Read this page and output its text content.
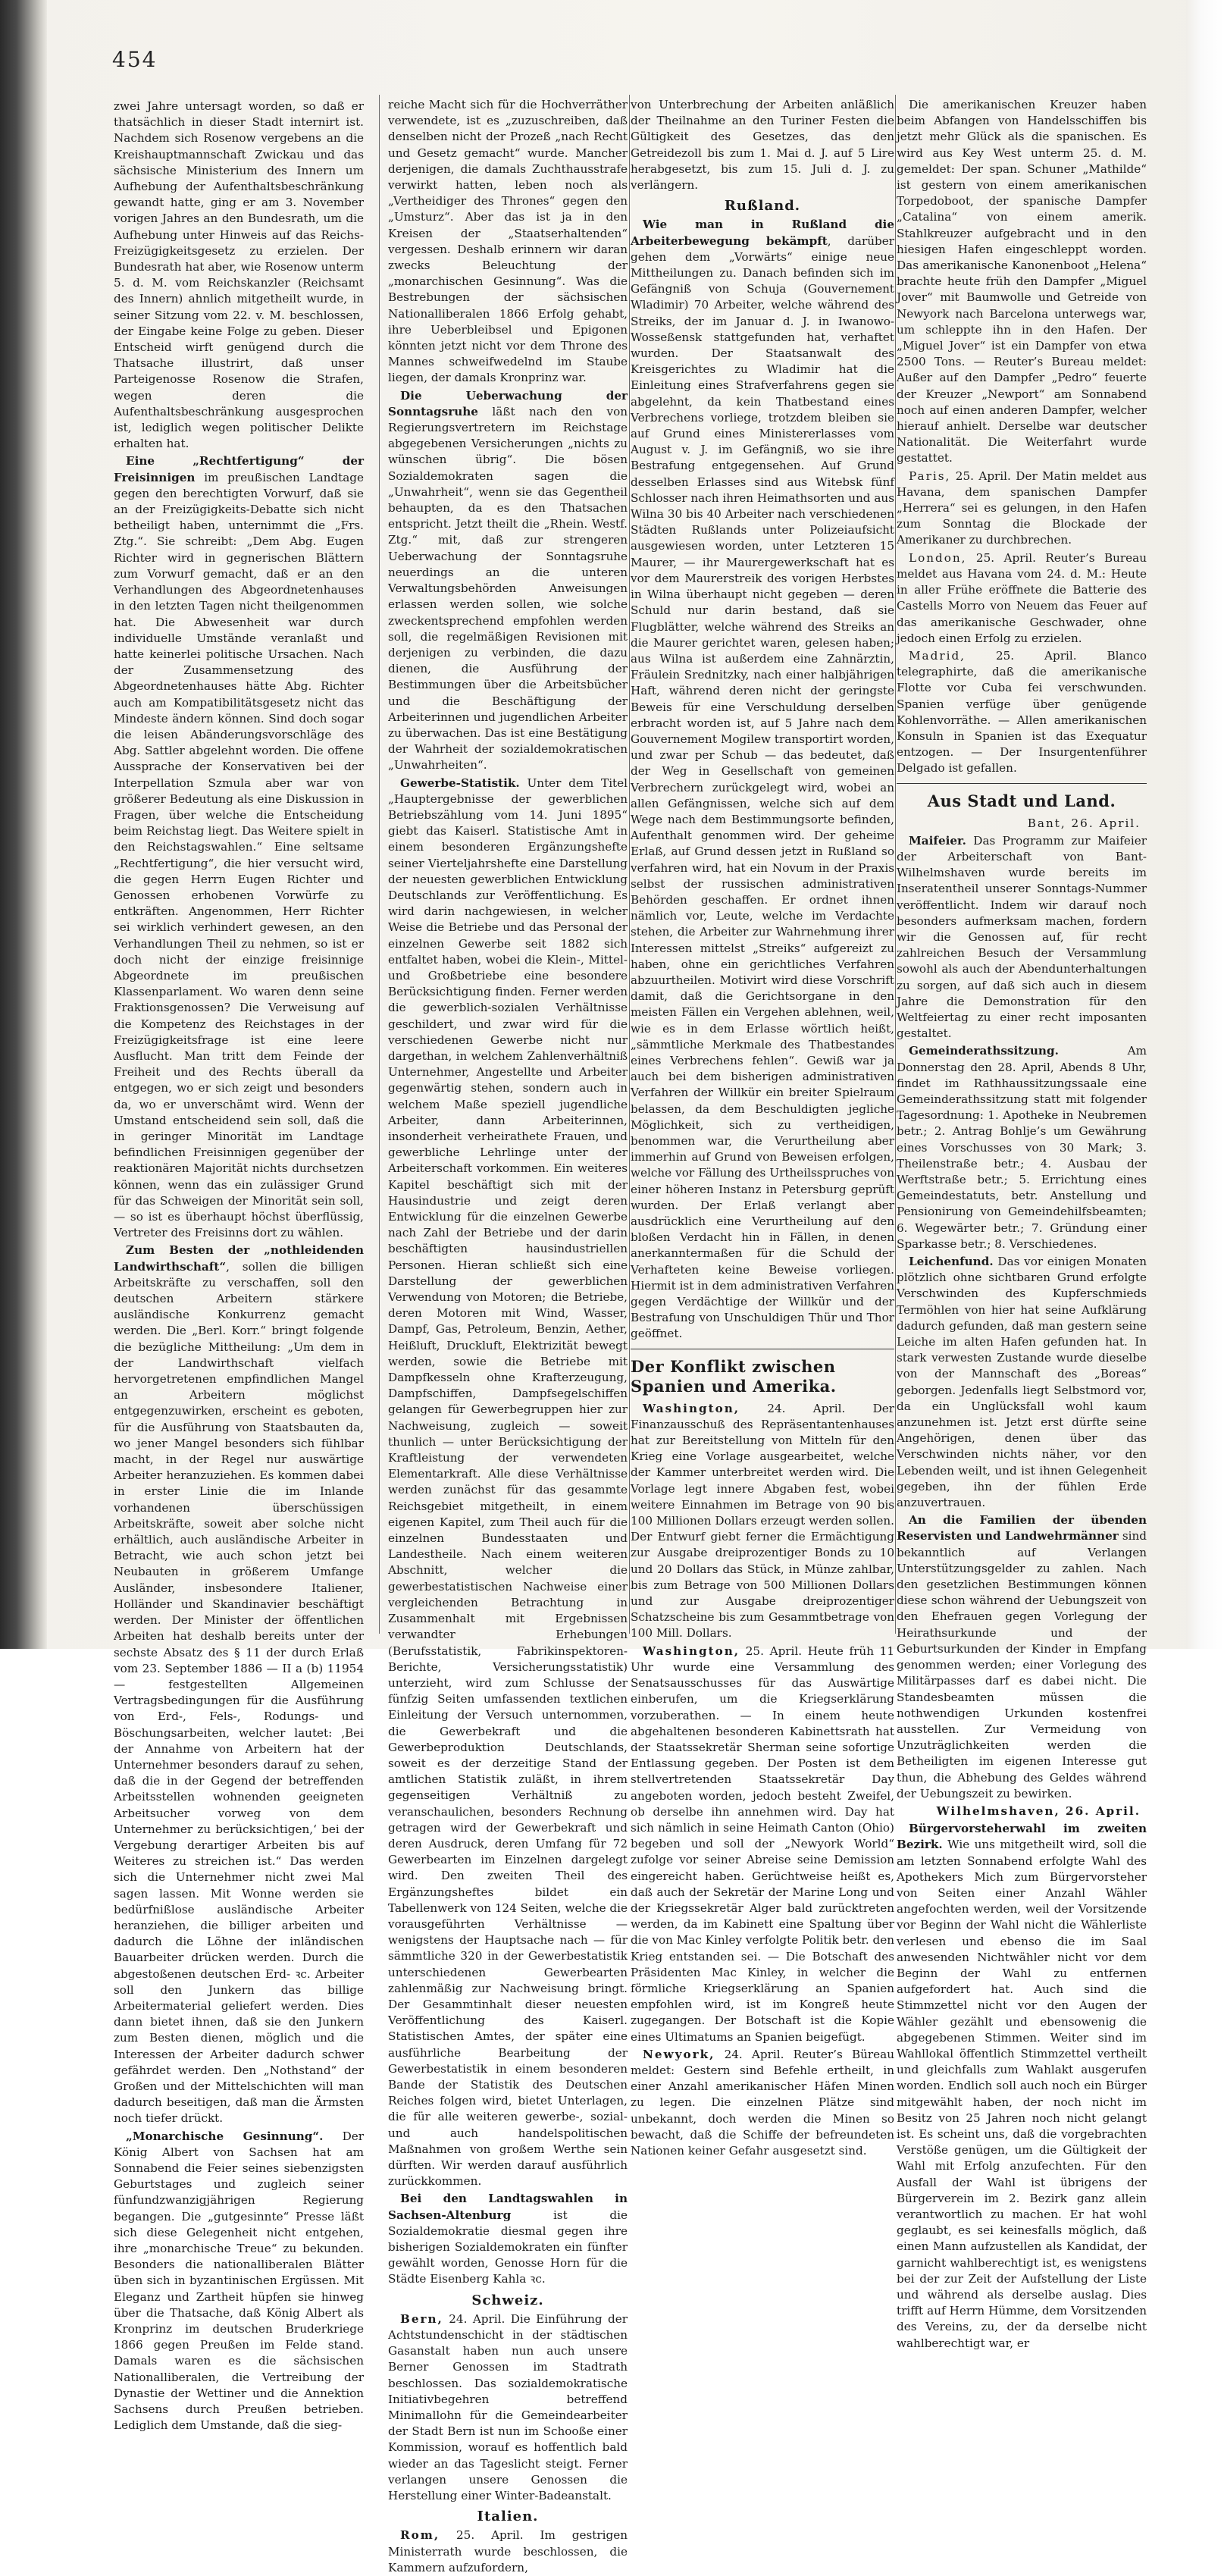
454

zwei Jahre untersagt worden, so daß er thatsächlich in dieser Stadt internirt ist. Nachdem sich Rosenow vergebens an die Kreishauptmannschaft Zwickau und das sächsische Ministerium des Innern um Aufhebung der Aufenthaltsbeschränkung gewandt hatte, ging er am 3. November vorigen Jahres an den Bundesrath, um die Aufhebung unter Hinweis auf das Reichs-Freizügigkeitsgesetz zu erzielen. Der Bundesrath hat aber, wie Rosenow unterm 5. d. M. vom Reichskanzler (Reichsamt des Innern) ahnlich mitgetheilt wurde, in seiner Sitzung vom 22. v. M. beschlossen, der Eingabe keine Folge zu geben. Dieser Entscheid wirft genügend durch die Thatsache illustrirt, daß unser Parteigenosse Rosenow die Strafen, wegen deren die Aufenthaltsbeschränkung ausgesprochen ist, lediglich wegen politischer Delikte erhalten hat.

Eine „Rechtfertigung“ der Freisinnigen im preußischen Landtage gegen den berechtigten Vorwurf, daß sie an der Freizügigkeits-Debatte sich nicht betheiligt haben, unternimmt die „Frs. Ztg.“. Sie schreibt: „Dem Abg. Eugen Richter wird in gegnerischen Blättern zum Vorwurf gemacht, daß er an den Verhandlungen des Abgeordnetenhauses in den letzten Tagen nicht theilgenommen hat. Die Abwesenheit war durch individuelle Umstände veranlaßt und hatte keinerlei politische Ursachen. Nach der Zusammensetzung des Abgeordnetenhauses hätte Abg. Richter auch am Kompatibilitätsgesetz nicht das Mindeste ändern können. Sind doch sogar die leisen Abänderungsvorschläge des Abg. Sattler abgelehnt worden. Die offene Aussprache der Konservativen bei der Interpellation Szmula aber war von größerer Bedeutung als eine Diskussion in Fragen, über welche die Entscheidung beim Reichstag liegt. Das Weitere spielt in den Reichstagswahlen.“ Eine seltsame „Rechtfertigung“, die hier versucht wird, die gegen Herrn Eugen Richter und Genossen erhobenen Vorwürfe zu entkräften. Angenommen, Herr Richter sei wirklich verhindert gewesen, an den Verhandlungen Theil zu nehmen, so ist er doch nicht der einzige freisinnige Abgeordnete im preußischen Klassenparlament. Wo waren denn seine Fraktionsgenossen? Die Verweisung auf die Kompetenz des Reichstages in der Freizügigkeitsfrage ist eine leere Ausflucht. Man tritt dem Feinde der Freiheit und des Rechts überall da entgegen, wo er sich zeigt und besonders da, wo er unverschämt wird. Wenn der Umstand entscheidend sein soll, daß die in geringer Minorität im Landtage befindlichen Freisinnigen gegenüber der reaktionären Majorität nichts durchsetzen können, wenn das ein zulässiger Grund für das Schweigen der Minorität sein soll, — so ist es überhaupt höchst überflüssig, Vertreter des Freisinns dort zu wählen.

Zum Besten der „nothleidenden Landwirthschaft“, sollen die billigen Arbeitskräfte zu verschaffen, soll den deutschen Arbeitern stärkere ausländische Konkurrenz gemacht werden. Die „Berl. Korr.“ bringt folgende die bezügliche Mittheilung: „Um dem in der Landwirthschaft vielfach hervorgetretenen empfindlichen Mangel an Arbeitern möglichst entgegenzuwirken, erscheint es geboten, für die Ausführung von Staatsbauten da, wo jener Mangel besonders sich fühlbar macht, in der Regel nur auswärtige Arbeiter heranzuziehen. Es kommen dabei in erster Linie die im Inlande vorhandenen überschüssigen Arbeitskräfte, soweit aber solche nicht erhältlich, auch ausländische Arbeiter in Betracht, wie auch schon jetzt bei Neubauten in größerem Umfange Ausländer, insbesondere Italiener, Holländer und Skandinavier beschäftigt werden. Der Minister der öffentlichen Arbeiten hat deshalb bereits unter der sechste Absatz des § 11 der durch Erlaß vom 23. September 1886 — II a (b) 11954 — festgestellten Allgemeinen Vertragsbedingungen für die Ausführung von Erd-, Fels-, Rodungs- und Böschungsarbeiten, welcher lautet: ‚Bei der Annahme von Arbeitern hat der Unternehmer besonders darauf zu sehen, daß die in der Gegend der betreffenden Arbeitsstellen wohnenden geeigneten Arbeitsucher vorweg von dem Unternehmer zu berücksichtigen,‘ bei der Vergebung derartiger Arbeiten bis auf Weiteres zu streichen ist.“ Das werden sich die Unternehmer nicht zwei Mal sagen lassen. Mit Wonne werden sie bedürfnißlose ausländische Arbeiter heranziehen, die billiger arbeiten und dadurch die Löhne der inländischen Bauarbeiter drücken werden. Durch die abgestoßenen deutschen Erd- ꝛc. Arbeiter soll den Junkern das billige Arbeitermaterial geliefert werden. Dies dann bietet ihnen, daß sie den Junkern zum Besten dienen, möglich und die Interessen der Arbeiter dadurch schwer gefährdet werden. Den „Nothstand“ der Großen und der Mittelschichten will man dadurch beseitigen, daß man die Ärmsten noch tiefer drückt.

„Monarchische Gesinnung“. Der König Albert von Sachsen hat am Sonnabend die Feier seines siebenzigsten Geburtstages und zugleich seiner fünfundzwanzigjährigen Regierung begangen. Die „gutgesinnte“ Presse läßt sich diese Gelegenheit nicht entgehen, ihre „monarchische Treue“ zu bekunden. Besonders die nationalliberalen Blätter üben sich in byzantinischen Ergüssen. Mit Eleganz und Zartheit hüpfen sie hinweg über die Thatsache, daß König Albert als Kronprinz im deutschen Bruderkriege 1866 gegen Preußen im Felde stand. Damals waren es die sächsischen Nationalliberalen, die Vertreibung der Dynastie der Wettiner und die Annektion Sachsens durch Preußen betrieben. Lediglich dem Umstande, daß die sieg-

reiche Macht sich für die Hochverräther verwendete, ist es „zuzuschreiben, daß denselben nicht der Prozeß „nach Recht und Gesetz gemacht“ wurde. Mancher derjenigen, die damals Zuchthausstrafe verwirkt hatten, leben noch als „Vertheidiger des Thrones“ gegen den „Umsturz“. Aber das ist ja in den Kreisen der „Staatserhaltenden“ vergessen. Deshalb erinnern wir daran zwecks Beleuchtung der „monarchischen Gesinnung“. Was die Bestrebungen der sächsischen Nationalliberalen 1866 Erfolg gehabt, ihre Ueberbleibsel und Epigonen könnten jetzt nicht vor dem Throne des Mannes schweifwedelnd im Staube liegen, der damals Kronprinz war.

Die Ueberwachung der Sonntagsruhe läßt nach den von Regierungsvertretern im Reichstage abgegebenen Versicherungen „nichts zu wünschen übrig“. Die bösen Sozialdemokraten sagen die „Unwahrheit“, wenn sie das Gegentheil behaupten, da es den Thatsachen entspricht. Jetzt theilt die „Rhein. Westf. Ztg.“ mit, daß zur strengeren Ueberwachung der Sonntagsruhe neuerdings an die unteren Verwaltungsbehörden Anweisungen erlassen werden sollen, wie solche zweckentsprechend empfohlen werden soll, die regelmäßigen Revisionen mit derjenigen zu verbinden, die dazu dienen, die Ausführung der Bestimmungen über die Arbeitsbücher und die Beschäftigung der Arbeiterinnen und jugendlichen Arbeiter zu überwachen. Das ist eine Bestätigung der Wahrheit der sozialdemokratischen „Unwahrheiten“.

Gewerbe-Statistik. Unter dem Titel „Hauptergebnisse der gewerblichen Betriebszählung vom 14. Juni 1895“ giebt das Kaiserl. Statistische Amt in einem besonderen Ergänzungshefte seiner Vierteljahrshefte eine Darstellung der neuesten gewerblichen Entwicklung Deutschlands zur Veröffentlichung. Es wird darin nachgewiesen, in welcher Weise die Betriebe und das Personal der einzelnen Gewerbe seit 1882 sich entfaltet haben, wobei die Klein-, Mittel- und Großbetriebe eine besondere Berücksichtigung finden. Ferner werden die gewerblich-sozialen Verhältnisse geschildert, und zwar wird für die verschiedenen Gewerbe nicht nur dargethan, in welchem Zahlenverhältniß Unternehmer, Angestellte und Arbeiter gegenwärtig stehen, sondern auch in welchem Maße speziell jugendliche Arbeiter, dann Arbeiterinnen, insonderheit verheirathete Frauen, und gewerbliche Lehrlinge unter der Arbeiterschaft vorkommen. Ein weiteres Kapitel beschäftigt sich mit der Hausindustrie und zeigt deren Entwicklung für die einzelnen Gewerbe nach Zahl der Betriebe und der darin beschäftigten hausindustriellen Personen. Hieran schließt sich eine Darstellung der gewerblichen Verwendung von Motoren; die Betriebe, deren Motoren mit Wind, Wasser, Dampf, Gas, Petroleum, Benzin, Aether, Heißluft, Druckluft, Elektrizität bewegt werden, sowie die Betriebe mit Dampfkesseln ohne Krafterzeugung, Dampfschiffen, Dampfsegelschiffen gelangen für Gewerbegruppen hier zur Nachweisung, zugleich — soweit thunlich — unter Berücksichtigung der Kraftleistung der verwendeten Elementarkraft. Alle diese Verhältnisse werden zunächst für das gesammte Reichsgebiet mitgetheilt, in einem eigenen Kapitel, zum Theil auch für die einzelnen Bundesstaaten und Landestheile. Nach einem weiteren Abschnitt, welcher die gewerbestatistischen Nachweise einer vergleichenden Betrachtung in Zusammenhalt mit Ergebnissen verwandter Erhebungen (Berufsstatistik, Fabrikinspektoren-Berichte, Versicherungsstatistik) unterzieht, wird zum Schlusse der fünfzig Seiten umfassenden textlichen Einleitung der Versuch unternommen, die Gewerbekraft und die Gewerbeproduktion Deutschlands, soweit es der derzeitige Stand der amtlichen Statistik zuläßt, in ihrem gegenseitigen Verhältniß zu veranschaulichen, besonders Rechnung getragen wird der Gewerbekraft und deren Ausdruck, deren Umfang für 72 Gewerbearten im Einzelnen dargelegt wird. Den zweiten Theil des Ergänzungsheftes bildet ein Tabellenwerk von 124 Seiten, welche die vorausgeführten Verhältnisse — wenigstens der Hauptsache nach — für sämmtliche 320 in der Gewerbestatistik unterschiedenen Gewerbearten zahlenmäßig zur Nachweisung bringt. Der Gesammtinhalt dieser neuesten Veröffentlichung des Kaiserl. Statistischen Amtes, der später eine ausführliche Bearbeitung der Gewerbestatistik in einem besonderen Bande der Statistik des Deutschen Reiches folgen wird, bietet Unterlagen, die für alle weiteren gewerbe-, sozial- und auch handelspolitischen Maßnahmen von großem Werthe sein dürften. Wir werden darauf ausführlich zurückkommen.

Bei den Landtagswahlen in Sachsen-Altenburg	ist die Sozialdemokratie diesmal gegen ihre bisherigen Sozialdemokraten ein fünfter gewählt worden, Genosse Horn für die Städte Eisenberg Kahla ꝛc.

Schweiz.

Bern, 24. April. Die Einführung der Achtstundenschicht in der städtischen Gasanstalt haben nun auch unsere Berner Genossen im Stadtrath beschlossen. Das sozialdemokratische Initiativbegehren betreffend Minimallohn für die Gemeindearbeiter der Stadt Bern ist nun im Schooße einer Kommission, worauf es hoffentlich bald wieder an das Tageslicht steigt. Ferner verlangen unsere Genossen die Herstellung einer Winter-Badeanstalt.

Italien.

Rom, 25. April. Im gestrigen Ministerrath wurde beschlossen, die Kammern aufzufordern,

von Unterbrechung der Arbeiten anläßlich der Theilnahme an den Turiner Festen die Gültigkeit des Gesetzes, das den Getreidezoll bis zum 1. Mai d. J. auf 5 Lire herabgesetzt, bis zum 15. Juli d. J. zu verlängern.

Rußland.

Wie man in Rußland die Arbeiterbewegung bekämpft, darüber gehen dem „Vorwärts“ einige neue Mittheilungen zu. Danach befinden sich im Gefängniß von Schuja (Gouvernement Wladimir) 70 Arbeiter, welche während des Streiks, der im Januar d. J. in Iwanowo-Wosseßensk stattgefunden hat, verhaftet wurden. Der Staatsanwalt des Kreisgerichtes zu Wladimir hat die Einleitung eines Strafverfahrens gegen sie abgelehnt, da kein Thatbestand eines Verbrechens vorliege, trotzdem bleiben sie auf Grund eines Ministererlasses vom August v. J. im Gefängniß, wo sie ihre Bestrafung entgegensehen. Auf Grund desselben Erlasses sind aus Witebsk fünf Schlosser nach ihren Heimathsorten und aus Wilna 30 bis 40 Arbeiter nach verschiedenen Städten Rußlands unter Polizeiaufsicht ausgewiesen worden, unter Letzteren 15 Maurer, — ihr Maurergewerkschaft hat es vor dem Maurerstreik des vorigen Herbstes in Wilna überhaupt nicht gegeben — deren Schuld nur darin bestand, daß sie Flugblätter, welche während des Streiks an die Maurer gerichtet waren, gelesen haben; aus Wilna ist außerdem eine Zahnärztin, Fräulein Srednitzky, nach einer halbjährigen Haft, während deren nicht der geringste Beweis für eine Verschuldung derselben erbracht worden ist, auf 5 Jahre nach dem Gouvernement Mogilew transportirt worden, und zwar per Schub — das bedeutet, daß der Weg in Gesellschaft von gemeinen Verbrechern zurückgelegt wird, wobei an allen Gefängnissen, welche sich auf dem Wege nach dem Bestimmungsorte befinden, Aufenthalt genommen wird. Der geheime Erlaß, auf Grund dessen jetzt in Rußland so verfahren wird, hat ein Novum in der Praxis selbst der russischen administrativen Behörden geschaffen. Er ordnet ihnen nämlich vor, Leute, welche im Verdachte stehen, die Arbeiter zur Wahrnehmung ihrer Interessen mittelst „Streiks“ aufgereizt zu haben, ohne ein gerichtliches Verfahren abzuurtheilen. Motivirt wird diese Vorschrift damit, daß die Gerichtsorgane in den meisten Fällen ein Vergehen ablehnen, weil, wie es in dem Erlasse wörtlich heißt, „sämmtliche Merkmale des Thatbestandes eines Verbrechens fehlen“. Gewiß war ja auch bei dem bisherigen administrativen Verfahren der Willkür ein breiter Spielraum belassen, da dem Beschuldigten jegliche Möglichkeit, sich zu vertheidigen, benommen war, die Verurtheilung aber immerhin auf Grund von Beweisen erfolgen, welche vor Fällung des Urtheilsspruches von einer höheren Instanz in Petersburg geprüft wurden. Der Erlaß verlangt aber ausdrücklich eine Verurtheilung auf den bloßen Verdacht hin in Fällen, in denen anerkanntermaßen für die Schuld der Verhafteten keine Beweise vorliegen. Hiermit ist in dem administrativen Verfahren gegen Verdächtige der Willkür und der Bestrafung von Unschuldigen Thür und Thor geöffnet.

Der Konflikt zwischen Spanien und Amerika.

Washington, 24. April. Der Finanzausschuß des Repräsentantenhauses hat zur Bereitstellung von Mitteln für den Krieg eine Vorlage ausgearbeitet, welche der Kammer unterbreitet werden wird. Die Vorlage legt innere Abgaben fest, wobei weitere Einnahmen im Betrage von 90 bis 100 Millionen Dollars erzeugt werden sollen. Der Entwurf giebt ferner die Ermächtigung zur Ausgabe dreiprozentiger Bonds zu 10 und 20 Dollars das Stück, in Münze zahlbar, bis zum Betrage von 500 Millionen Dollars und zur Ausgabe dreiprozentiger Schatzscheine bis zum Gesammtbetrage von 100 Mill. Dollars.

Washington, 25. April. Heute früh 11 Uhr wurde eine Versammlung des Senatsausschusses für das Auswärtige einberufen, um die Kriegserklärung vorzuberathen. — In einem heute abgehaltenen besonderen Kabinettsrath hat der Staatssekretär Sherman seine sofortige Entlassung gegeben. Der Posten ist dem stellvertretenden Staatssekretär Day angeboten worden, jedoch besteht Zweifel, ob derselbe ihn annehmen wird. Day hat sich nämlich in seine Heimath Canton (Ohio) begeben und soll der „Newyork World“ zufolge vor seiner Abreise seine Demission eingereicht haben. Gerüchtweise heißt es, daß auch der Sekretär der Marine Long und der Kriegssekretär Alger bald zurücktreten werden, da im Kabinett eine Spaltung über die von Mac Kinley verfolgte Politik betr. den Krieg entstanden sei. — Die Botschaft des Präsidenten Mac Kinley, in welcher die förmliche Kriegserklärung an Spanien empfohlen wird, ist im Kongreß heute zugegangen. Der Botschaft ist die Kopie eines Ultimatums an Spanien beigefügt.

Newyork, 24. April. Reuter’s Büreau meldet: Gestern sind Befehle ertheilt, in einer Anzahl amerikanischer Häfen Minen zu legen. Die einzelnen Plätze sind unbekannt, doch werden die Minen so bewacht, daß die Schiffe der befreundeten Nationen keiner Gefahr ausgesetzt sind.

Die amerikanischen Kreuzer haben beim Abfangen von Handelsschiffen bis jetzt mehr Glück als die spanischen. Es wird aus Key West unterm 25. d. M. gemeldet: Der span. Schuner „Mathilde“ ist gestern von einem amerikanischen Torpedoboot, der spanische Dampfer „Catalina“ von einem amerik. Stahlkreuzer aufgebracht und in den hiesigen Hafen eingeschleppt worden. Das amerikanische Kanonenboot „Helena“ brachte heute früh den Dampfer „Miguel Jover“ mit Baumwolle und Getreide von Newyork nach Barcelona unterwegs war, um schleppte ihn in den Hafen. Der „Miguel Jover“ ist ein Dampfer von etwa 2500 Tons. — Reuter’s Bureau meldet: Außer auf den Dampfer „Pedro“ feuerte der Kreuzer „Newport“ am Sonnabend noch auf einen anderen Dampfer, welcher hierauf anhielt. Derselbe war deutscher Nationalität. Die Weiterfahrt wurde gestattet.

Paris, 25. April. Der Matin meldet aus Havana, dem spanischen Dampfer „Herrera“ sei es gelungen, in den Hafen zum Sonntag die Blockade der Amerikaner zu durchbrechen.

London, 25. April. Reuter’s Bureau meldet aus Havana vom 24. d. M.: Heute in aller Frühe eröffnete die Batterie des Castells Morro von Neuem das Feuer auf das amerikanische Geschwader, ohne jedoch einen Erfolg zu erzielen.

Madrid,	25. April. Blanco telegraphirte, daß die amerikanische Flotte vor Cuba fei verschwunden. Spanien verfüge über genügende Kohlenvorräthe. — Allen amerikanischen Konsuln in Spanien ist das Exequatur entzogen. — Der Insurgentenführer Delgado ist gefallen.

Aus Stadt und Land.
Bant, 26. April.

Maifeier. Das Programm zur Maifeier der Arbeiterschaft von Bant-Wilhelmshaven wurde bereits im Inseratentheil unserer Sonntags-Nummer veröffentlicht. Indem wir darauf noch besonders aufmerksam machen, fordern wir die Genossen auf, für recht zahlreichen Besuch der Versammlung sowohl als auch der Abendunterhaltungen zu sorgen, auf daß sich auch in diesem Jahre die Demonstration für den Weltfeiertag zu einer recht imposanten gestaltet.

Gemeinderathssitzung.	Am Donnerstag den 28. April, Abends 8 Uhr, findet im Rathhaussitzungssaale eine Gemeinderathssitzung statt mit folgender Tagesordnung: 1. Apotheke in Neubremen betr.; 2. Antrag Bohlje’s um Gewährung eines Vorschusses von 30 Mark; 3. Theilenstraße betr.; 4. Ausbau der Werftstraße betr.; 5. Errichtung eines Gemeindestatuts, betr. Anstellung und Pensionirung von Gemeindehilfsbeamten; 6. Wegewärter betr.; 7. Gründung einer Sparkasse betr.; 8. Verschiedenes.

Leichenfund. Das vor einigen Monaten plötzlich ohne sichtbaren Grund erfolgte Verschwinden des Kupferschmieds Termöhlen von hier hat seine Aufklärung dadurch gefunden, daß man gestern seine Leiche im alten Hafen gefunden hat. In stark verwesten Zustande wurde dieselbe von der Mannschaft des „Boreas“ geborgen. Jedenfalls liegt Selbstmord vor, da ein Unglücksfall wohl kaum anzunehmen ist. Jetzt erst dürfte seine Angehörigen, denen über das Verschwinden nichts näher, vor den Lebenden weilt, und ist ihnen Gelegenheit gegeben, ihn der fühlen Erde anzuvertrauen.

An die Familien der übenden Reservisten und Landwehrmänner sind bekanntlich auf Verlangen Unterstützungsgelder zu zahlen. Nach den gesetzlichen Bestimmungen können diese schon während der Uebungszeit von den Ehefrauen gegen Vorlegung der Heirathsurkunde und der Geburtsurkunden der Kinder in Empfang genommen werden; einer Vorlegung des Militärpasses darf es dabei nicht. Die Standesbeamten müssen die nothwendigen Urkunden kostenfrei ausstellen. Zur Vermeidung von Unzuträglichkeiten werden die Betheiligten im eigenen Interesse gut thun, die Abhebung des Geldes während der Uebungszeit zu bewirken.

Wilhelmshaven, 26. April.

Bürgervorsteherwahl im zweiten Bezirk. Wie uns mitgetheilt wird, soll die am letzten Sonnabend erfolgte Wahl des Apothekers Mich zum Bürgervorsteher von Seiten einer Anzahl Wähler angefochten werden, weil der Vorsitzende vor Beginn der Wahl nicht die Wählerliste verlesen und ebenso die im Saal anwesenden Nichtwähler nicht vor dem Beginn der Wahl zu entfernen aufgefordert hat. Auch sind die Stimmzettel nicht vor den Augen der Wähler gezählt und ebensowenig die abgegebenen Stimmen. Weiter sind im Wahllokal öffentlich Stimmzettel vertheilt und gleichfalls zum Wahlakt ausgerufen worden. Endlich soll auch noch ein Bürger mitgewählt haben, der noch nicht im Besitz von 25 Jahren noch nicht gelangt ist. Es scheint uns, daß die vorgebrachten Verstöße genügen, um die Gültigkeit der Wahl mit Erfolg anzufechten. Für den Ausfall der Wahl ist übrigens der Bürgerverein im 2. Bezirk ganz allein verantwortlich zu machen. Er hat wohl geglaubt, es sei keinesfalls möglich, daß einen Mann aufzustellen als Kandidat, der garnicht wahlberechtigt ist, es wenigstens bei der zur Zeit der Aufstellung der Liste und während als derselbe auslag. Dies trifft auf Herrn Hümme, dem Vorsitzenden des Vereins, zu, der da derselbe nicht wahlberechtigt war, er
